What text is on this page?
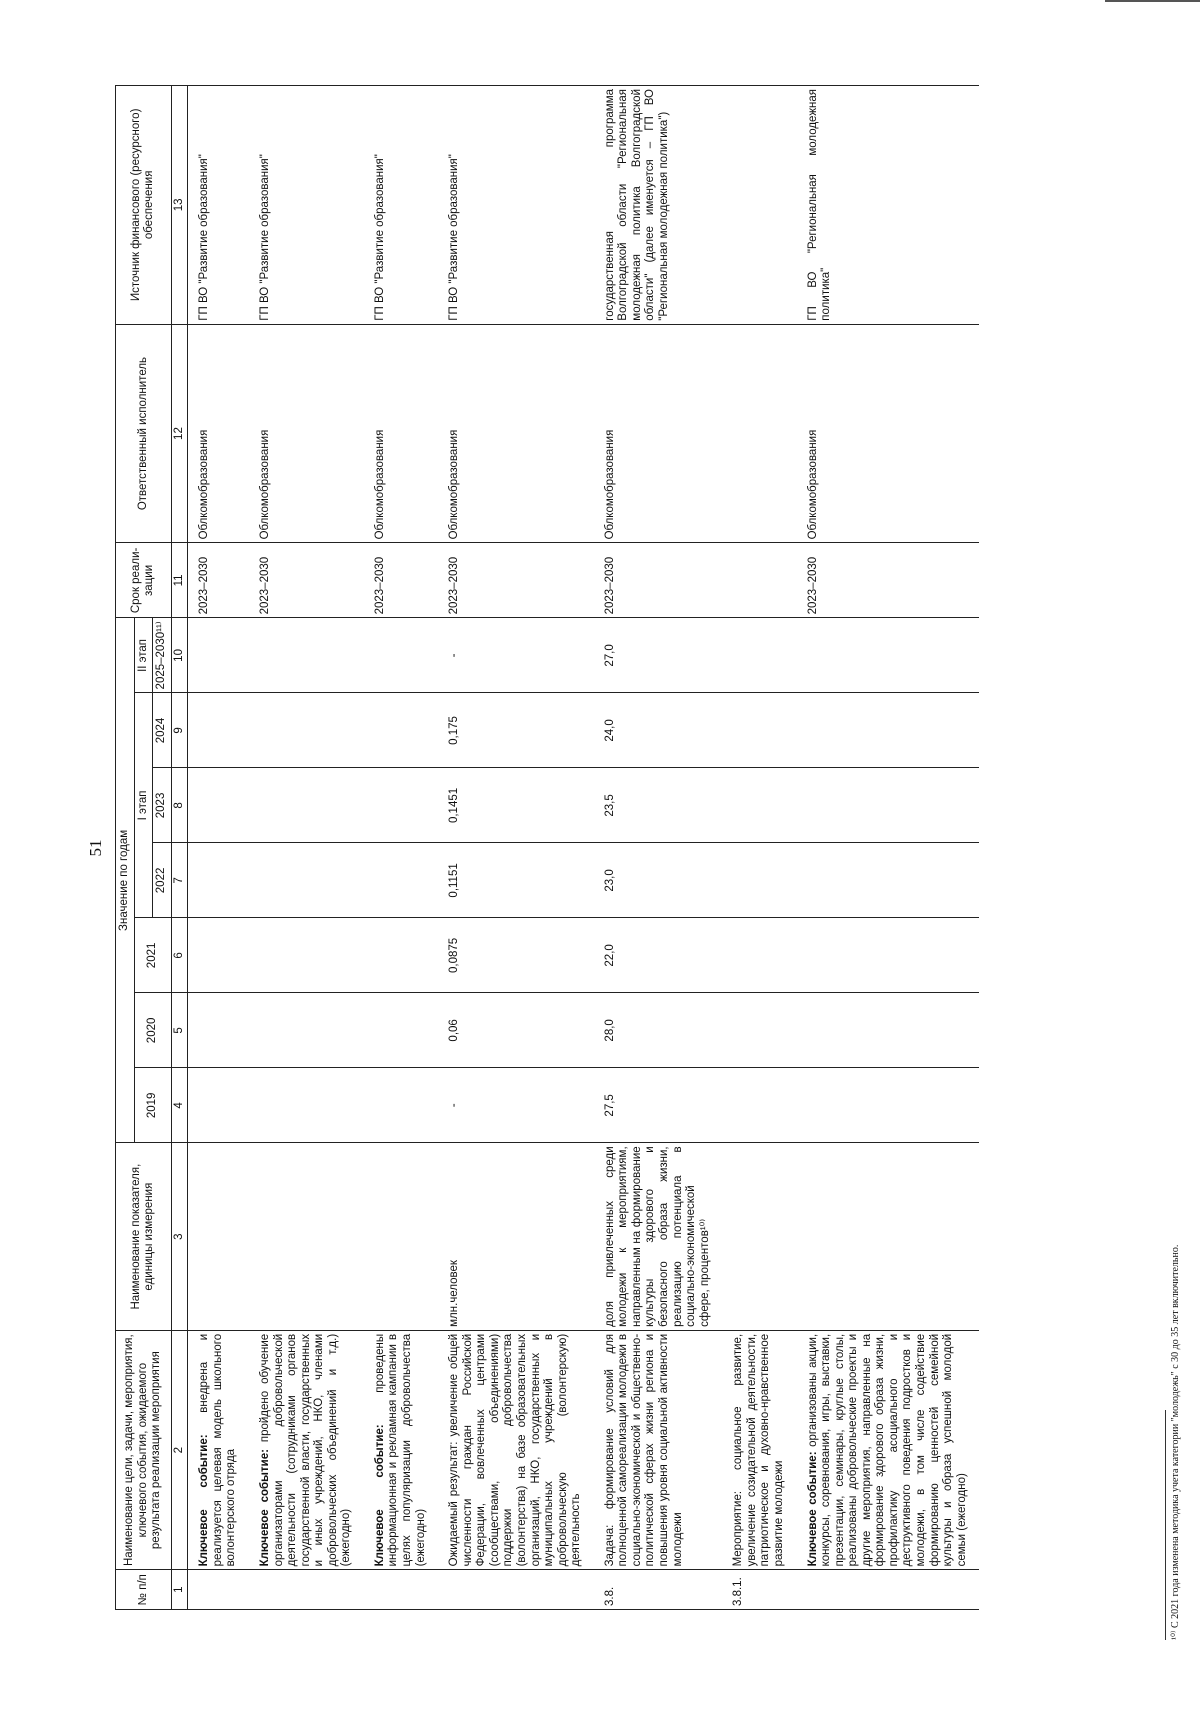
51
№ п/п	Наименование цели, задачи, мероприятия, ключевого события, ожидаемого результата реализации мероприятия	Наименование показателя, единицы измерения	Значение по годам							Срок реали-зации	Ответственный исполнитель	Источник финансового (ресурсного) обеспечения
			2019	2020	2021	I этап			II этап			
						2022	2023	2024	2025–2030¹¹⁾			

1	2	3	4	5	6	7	8	9	10	11	12	13
	Ключевое событие: внедрена и реализуется целевая модель школьного волонтерского отряда									2023–2030	Облкомобразования	ГП ВО "Развитие образования"
	Ключевое событие: пройдено обучение организаторами добровольческой деятельности (сотрудниками органов государственной власти, государственных и иных учреждений, НКО, членами добровольческих объединений и т.д.) (ежегодно)									2023–2030	Облкомобразования	ГП ВО "Развитие образования"
	Ключевое событие: проведены информационная и рекламная кампании в целях популяризации добровольчества (ежегодно)									2023–2030	Облкомобразования	ГП ВО "Развитие образования"
	Ожидаемый результат: увеличение общей численности граждан Российской Федерации, вовлеченных центрами (сообществами, объединениями) поддержки добровольчества (волонтерства) на базе образовательных организаций, НКО, государственных и муниципальных учреждений в добровольческую (волонтерскую) деятельность	млн.человек	-	0,06	0,0875	0,1151	0,1451	0,175	-	2023–2030	Облкомобразования	ГП ВО "Развитие образования"
3.8.	Задача: формирование условий для полноценной самореализации молодежи в социально-экономической и общественно-политической сферах жизни региона и повышения уровня социальной активности молодежи	доля привлеченных среди молодежи к мероприятиям, направленным на формирование культуры здорового и безопасного образа жизни, реализацию потенциала в социально-экономической сфере, процентов¹⁰⁾	27,5	28,0	22,0	23,0	23,5	24,0	27,0	2023–2030	Облкомобразования	государственная программа Волгоградской области "Региональная молодежная политика Волгоградской области" (далее именуется – ГП ВО "Региональная молодежная политика")
3.8.1.	Мероприятие: социальное развитие, увеличение созидательной деятельности, патриотическое и духовно-нравственное развитие молодежи											
	Ключевое событие: организованы акции, конкурсы, соревнования, игры, выставки, презентации, семинары, круглые столы, реализованы добровольческие проекты и другие мероприятия, направленные на формирование здорового образа жизни, профилактику асоциального и деструктивного поведения подростков и молодежи, в том числе содействие формированию ценностей семейной культуры и образа успешной молодой семьи (ежегодно)									2023–2030	Облкомобразования	ГП ВО "Региональная молодежная политика"
¹⁰⁾ С 2021 года изменена методика учета категории "молодежь" с 30 до 35 лет включительно.
